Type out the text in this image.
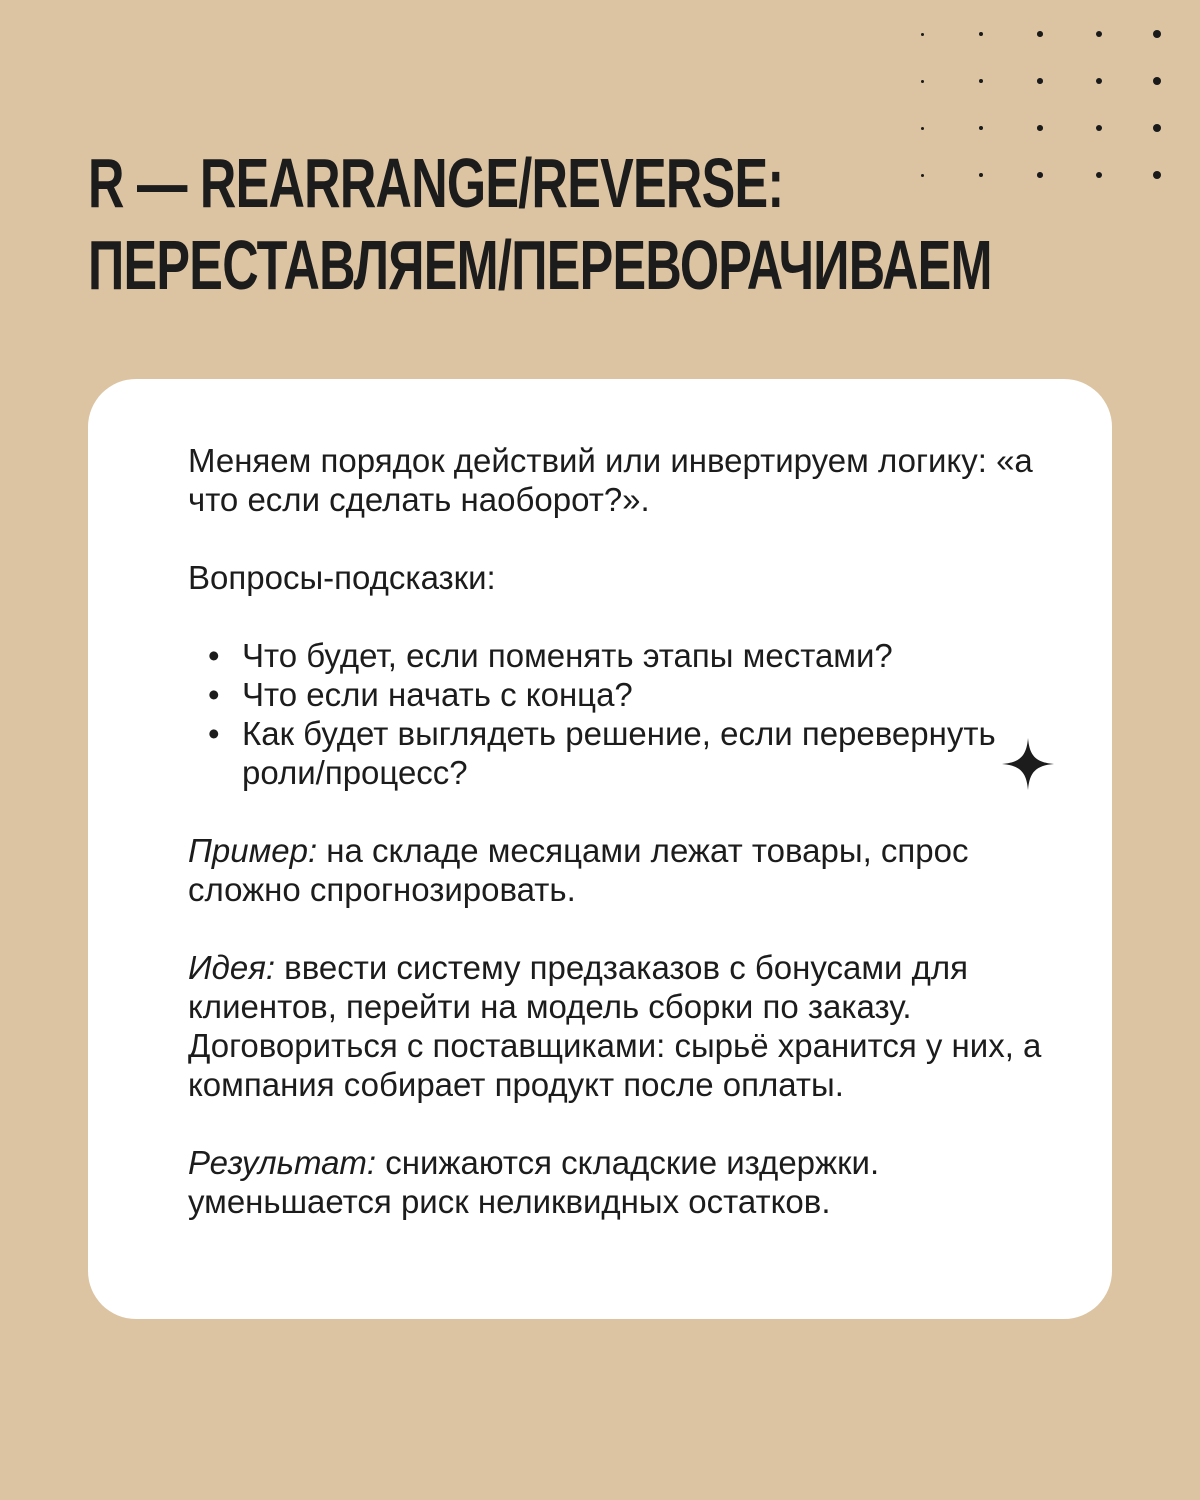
R — REARRANGE/REVERSE:
ПЕРЕСТАВЛЯЕМ/ПЕРЕВОРАЧИВАЕМ

Меняем порядок действий или инвертируем логику: «а что если сделать наоборот?».

Вопросы-подсказки:

• Что будет, если поменять этапы местами?
• Что если начать с конца?
• Как будет выглядеть решение, если перевернуть роли/процесс?

Пример: на складе месяцами лежат товары, спрос сложно спрогнозировать.

Идея: ввести систему предзаказов с бонусами для клиентов, перейти на модель сборки по заказу. Договориться с поставщиками: сырьё хранится у них, а компания собирает продукт после оплаты.

Результат: снижаются складские издержки. уменьшается риск неликвидных остатков.
